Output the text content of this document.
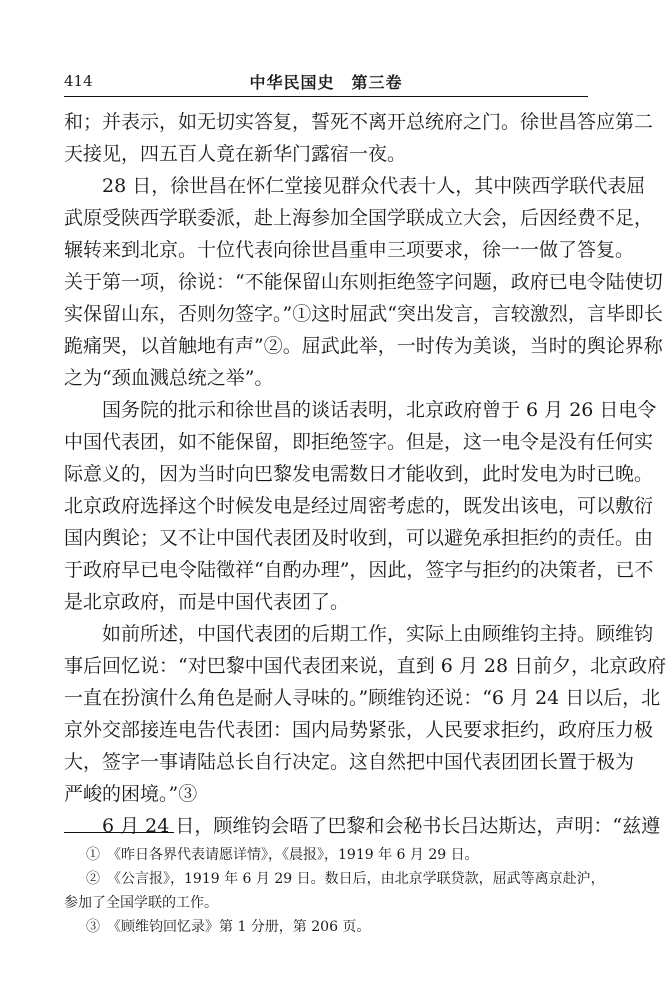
414	中华民国史　第三卷
和；并表示，如无切实答复，誓死不离开总统府之门。徐世昌答应第二
天接见，四五百人竟在新华门露宿一夜。
28 日，徐世昌在怀仁堂接见群众代表十人，其中陕西学联代表屈
武原受陕西学联委派，赴上海参加全国学联成立大会，后因经费不足，
辗转来到北京。十位代表向徐世昌重申三项要求，徐一一做了答复。
关于第一项，徐说：“不能保留山东则拒绝签字问题，政府已电令陆使切
实保留山东，否则勿签字。”①这时屈武“突出发言，言较激烈，言毕即长
跪痛哭，以首触地有声”②。屈武此举，一时传为美谈，当时的舆论界称
之为“颈血溅总统之举”。
国务院的批示和徐世昌的谈话表明，北京政府曾于 6 月 26 日电令
中国代表团，如不能保留，即拒绝签字。但是，这一电令是没有任何实
际意义的，因为当时向巴黎发电需数日才能收到，此时发电为时已晚。
北京政府选择这个时候发电是经过周密考虑的，既发出该电，可以敷衍
国内舆论；又不让中国代表团及时收到，可以避免承担拒约的责任。由
于政府早已电令陆徵祥“自酌办理”，因此，签字与拒约的决策者，已不
是北京政府，而是中国代表团了。
如前所述，中国代表团的后期工作，实际上由顾维钧主持。顾维钧
事后回忆说：“对巴黎中国代表团来说，直到 6 月 28 日前夕，北京政府
一直在扮演什么角色是耐人寻味的。”顾维钧还说：“6 月 24 日以后，北
京外交部接连电告代表团：国内局势紧张，人民要求拒约，政府压力极
大，签字一事请陆总长自行决定。这自然把中国代表团团长置于极为
严峻的困境。”③
6 月 24 日，顾维钧会晤了巴黎和会秘书长吕达斯达，声明：“兹遵
①　《昨日各界代表请愿详情》，《晨报》，1919 年 6 月 29 日。
②　《公言报》，1919 年 6 月 29 日。数日后，由北京学联贷款，屈武等离京赴沪，
参加了全国学联的工作。
③　《顾维钧回忆录》第 1 分册，第 206 页。
